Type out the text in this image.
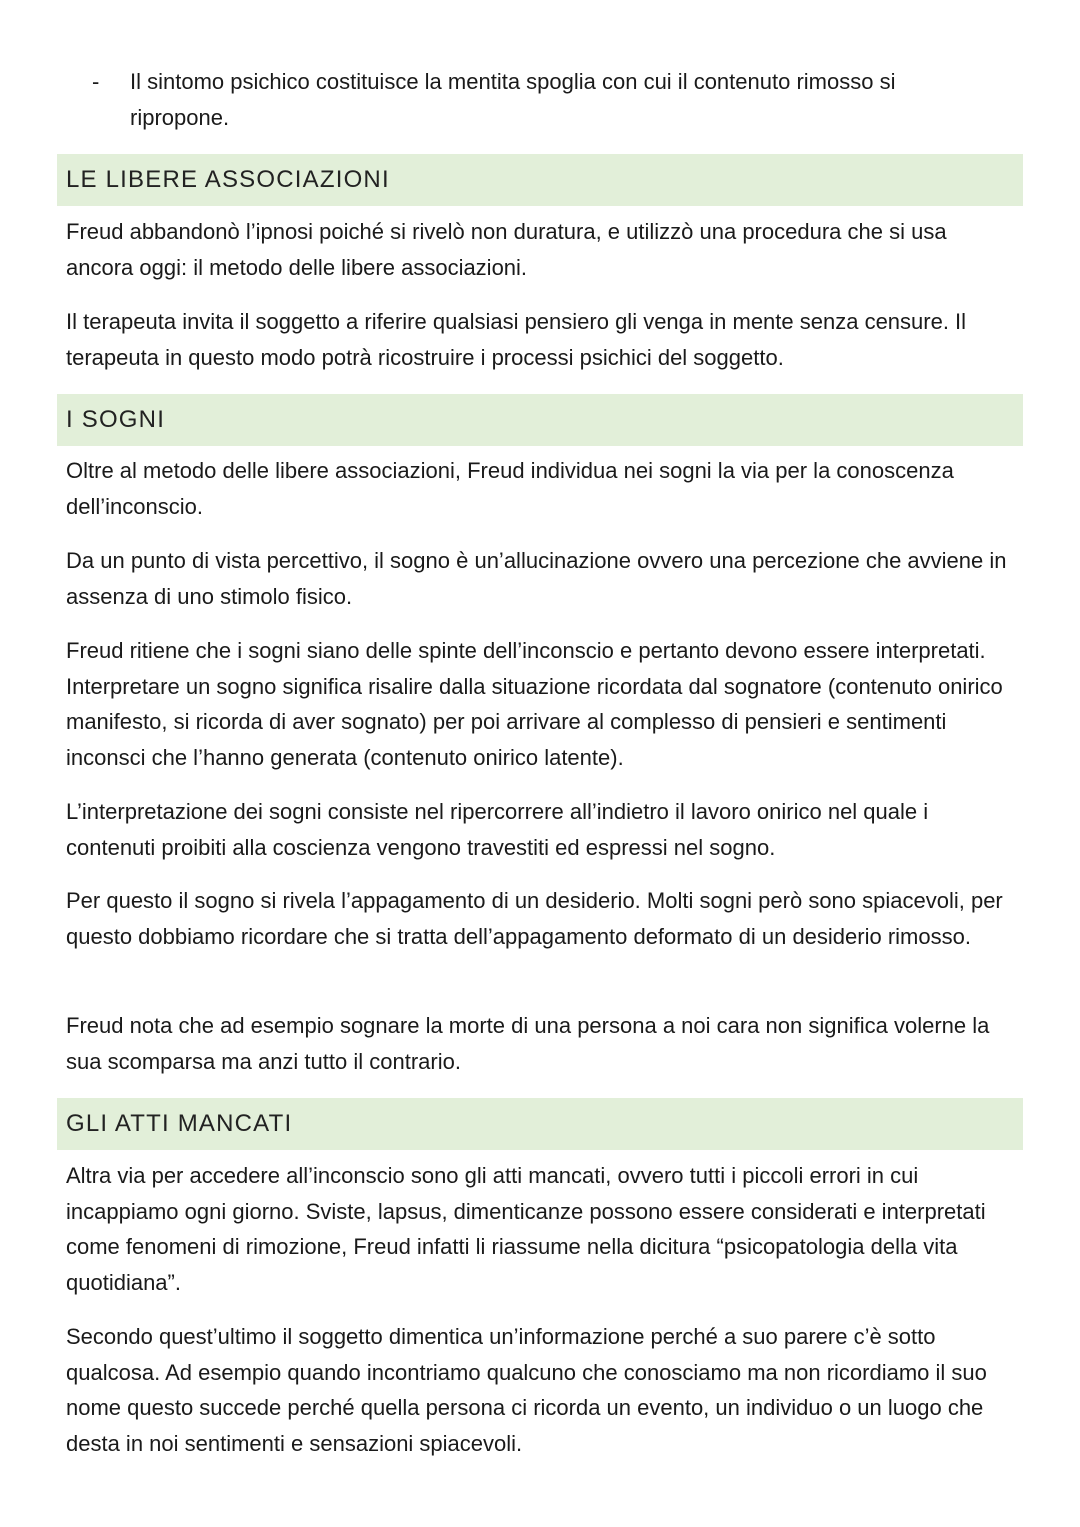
- Il sintomo psichico costituisce la mentita spoglia con cui il contenuto rimosso si ripropone.
LE LIBERE ASSOCIAZIONI

Freud abbandonò l’ipnosi poiché si rivelò non duratura, e utilizzò una procedura che si usa ancora oggi: il metodo delle libere associazioni.

Il terapeuta invita il soggetto a riferire qualsiasi pensiero gli venga in mente senza censure. Il terapeuta in questo modo potrà ricostruire i processi psichici del soggetto.

I SOGNI

Oltre al metodo delle libere associazioni, Freud individua nei sogni la via per la conoscenza dell’inconscio.

Da un punto di vista percettivo, il sogno è un’allucinazione ovvero una percezione che avviene in assenza di uno stimolo fisico.

Freud ritiene che i sogni siano delle spinte dell’inconscio e pertanto devono essere interpretati. Interpretare un sogno significa risalire dalla situazione ricordata dal sognatore (contenuto onirico manifesto, si ricorda di aver sognato) per poi arrivare al complesso di pensieri e sentimenti inconsci che l’hanno generata (contenuto onirico latente).

L’interpretazione dei sogni consiste nel ripercorrere all’indietro il lavoro onirico nel quale i contenuti proibiti alla coscienza vengono travestiti ed espressi nel sogno.

Per questo il sogno si rivela l’appagamento di un desiderio. Molti sogni però sono spiacevoli, per questo dobbiamo ricordare che si tratta dell’appagamento deformato di un desiderio rimosso.

Freud nota che ad esempio sognare la morte di una persona a noi cara non significa volerne la sua scomparsa ma anzi tutto il contrario.

GLI ATTI MANCATI

Altra via per accedere all’inconscio sono gli atti mancati, ovvero tutti i piccoli errori in cui incappiamo ogni giorno. Sviste, lapsus, dimenticanze possono essere considerati e interpretati come fenomeni di rimozione, Freud infatti li riassume nella dicitura “psicopatologia della vita quotidiana”.

Secondo quest’ultimo il soggetto dimentica un’informazione perché a suo parere c’è sotto qualcosa. Ad esempio quando incontriamo qualcuno che conosciamo ma non ricordiamo il suo nome questo succede perché quella persona ci ricorda un evento, un individuo o un luogo che desta in noi sentimenti e sensazioni spiacevoli.
